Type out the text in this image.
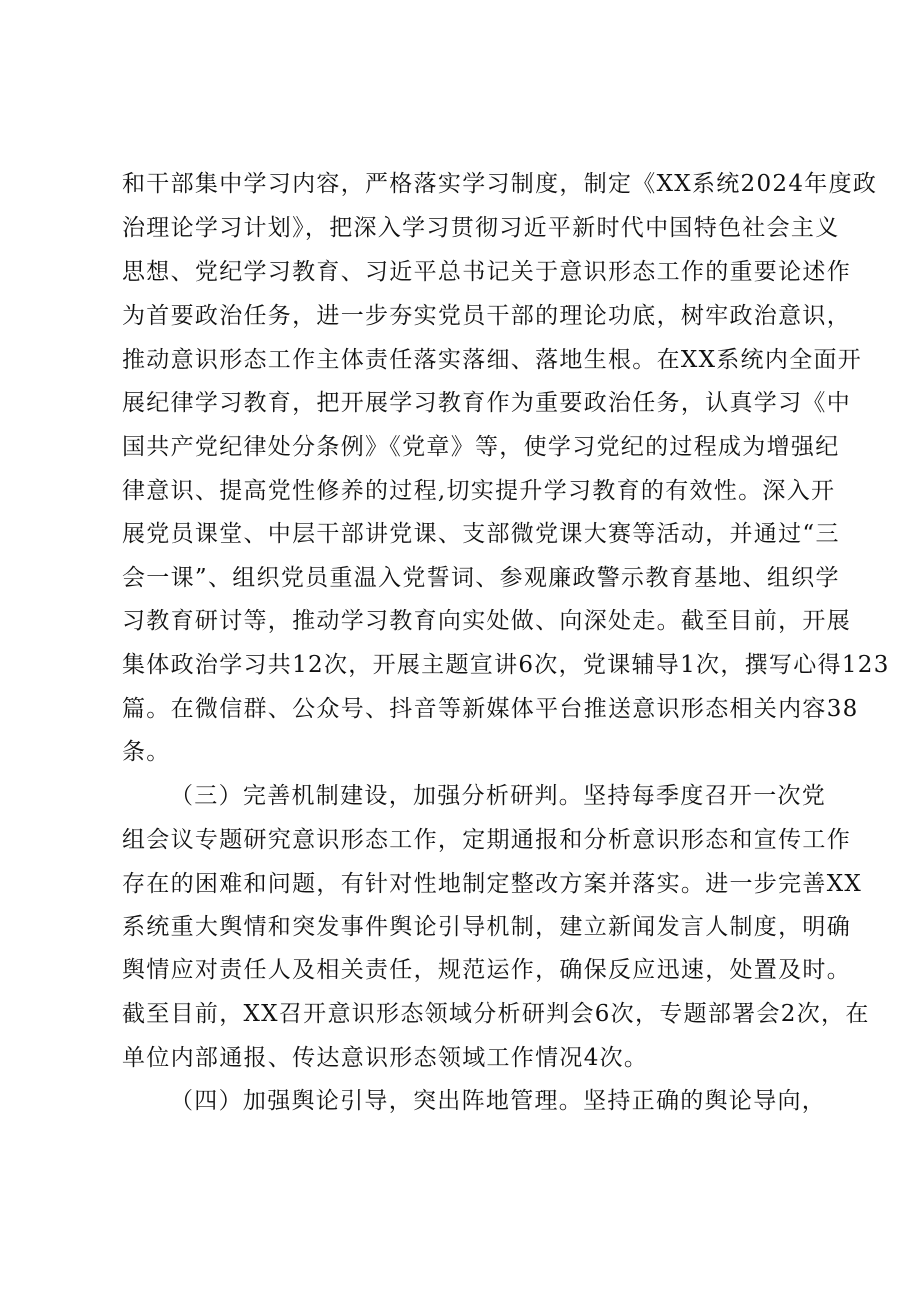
和干部集中学习内容，严格落实学习制度，制定《XX系统2024年度政
治理论学习计划》，把深入学习贯彻习近平新时代中国特色社会主义
思想、党纪学习教育、习近平总书记关于意识形态工作的重要论述作
为首要政治任务，进一步夯实党员干部的理论功底，树牢政治意识，
推动意识形态工作主体责任落实落细、落地生根。在XX系统内全面开
展纪律学习教育，把开展学习教育作为重要政治任务，认真学习《中
国共产党纪律处分条例》《党章》等，使学习党纪的过程成为增强纪
律意识、提高党性修养的过程,切实提升学习教育的有效性。深入开
展党员课堂、中层干部讲党课、支部微党课大赛等活动，并通过“三
会一课”、组织党员重温入党誓词、参观廉政警示教育基地、组织学
习教育研讨等，推动学习教育向实处做、向深处走。截至目前，开展
集体政治学习共12次，开展主题宣讲6次，党课辅导1次，撰写心得123
篇。在微信群、公众号、抖音等新媒体平台推送意识形态相关内容38
条。
（三）完善机制建设，加强分析研判。坚持每季度召开一次党
组会议专题研究意识形态工作，定期通报和分析意识形态和宣传工作
存在的困难和问题，有针对性地制定整改方案并落实。进一步完善XX
系统重大舆情和突发事件舆论引导机制，建立新闻发言人制度，明确
舆情应对责任人及相关责任，规范运作，确保反应迅速，处置及时。
截至目前，XX召开意识形态领域分析研判会6次，专题部署会2次，在
单位内部通报、传达意识形态领域工作情况4次。
（四）加强舆论引导，突出阵地管理。坚持正确的舆论导向，
